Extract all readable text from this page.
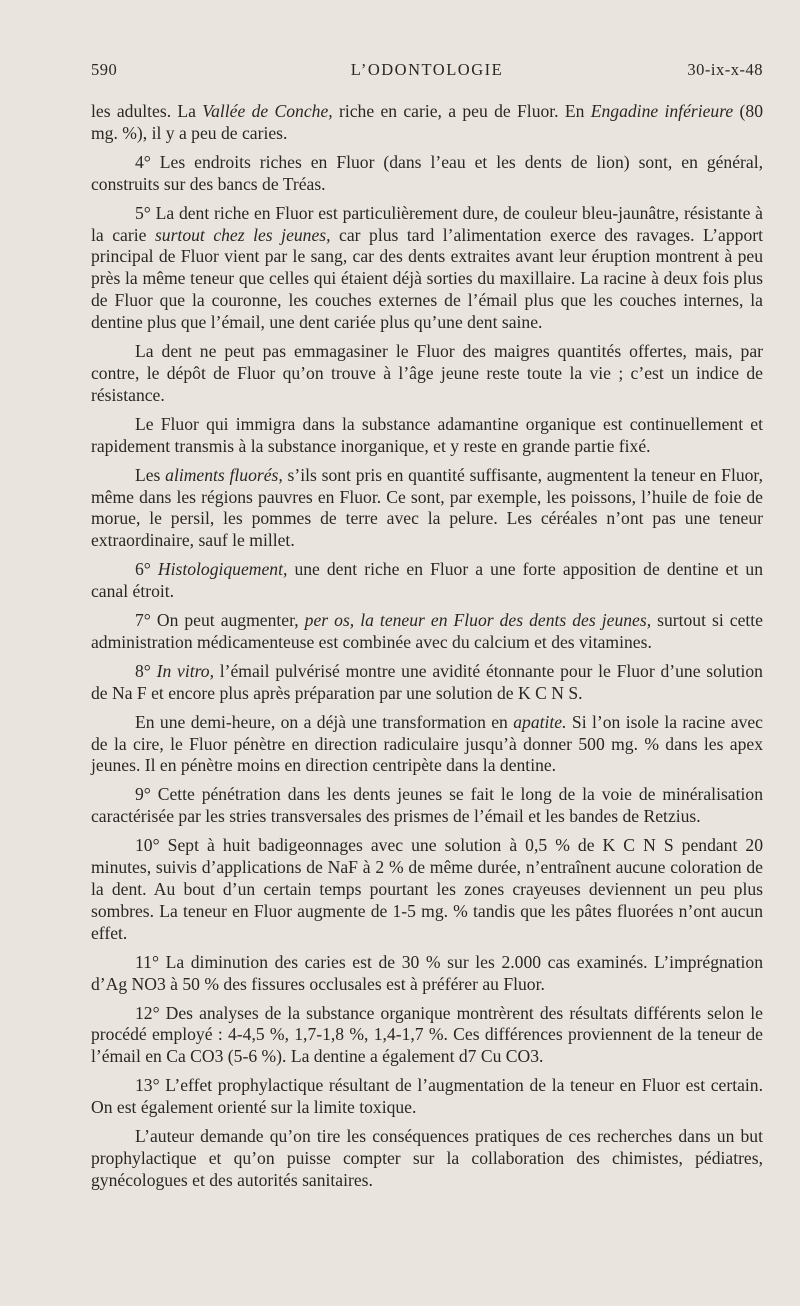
590	L’ODONTOLOGIE	30-ix-x-48

les adultes. La Vallée de Conche, riche en carie, a peu de Fluor. En Engadine inférieure (80 mg. %), il y a peu de caries.

4° Les endroits riches en Fluor (dans l’eau et les dents de lion) sont, en général, construits sur des bancs de Tréas.

5° La dent riche en Fluor est particulièrement dure, de couleur bleu-jaunâtre, résistante à la carie surtout chez les jeunes, car plus tard l’alimentation exerce des ravages. L’apport principal de Fluor vient par le sang, car des dents extraites avant leur éruption montrent à peu près la même teneur que celles qui étaient déjà sorties du maxillaire. La racine à deux fois plus de Fluor que la couronne, les couches externes de l’émail plus que les couches internes, la dentine plus que l’émail, une dent cariée plus qu’une dent saine.

La dent ne peut pas emmagasiner le Fluor des maigres quantités offertes, mais, par contre, le dépôt de Fluor qu’on trouve à l’âge jeune reste toute la vie ; c’est un indice de résistance.

Le Fluor qui immigra dans la substance adamantine organique est continuellement et rapidement transmis à la substance inorganique, et y reste en grande partie fixé.

Les aliments fluorés, s’ils sont pris en quantité suffisante, augmentent la teneur en Fluor, même dans les régions pauvres en Fluor. Ce sont, par exemple, les poissons, l’huile de foie de morue, le persil, les pommes de terre avec la pelure. Les céréales n’ont pas une teneur extraordinaire, sauf le millet.

6° Histologiquement, une dent riche en Fluor a une forte apposition de dentine et un canal étroit.

7° On peut augmenter, per os, la teneur en Fluor des dents des jeunes, surtout si cette administration médicamenteuse est combinée avec du calcium et des vitamines.

8° In vitro, l’émail pulvérisé montre une avidité étonnante pour le Fluor d’une solution de Na F et encore plus après préparation par une solution de K C N S.

En une demi-heure, on a déjà une transformation en apatite. Si l’on isole la racine avec de la cire, le Fluor pénètre en direction radiculaire jusqu’à donner 500 mg. % dans les apex jeunes. Il en pénètre moins en direction centripète dans la dentine.

9° Cette pénétration dans les dents jeunes se fait le long de la voie de minéralisation caractérisée par les stries transversales des prismes de l’émail et les bandes de Retzius.

10° Sept à huit badigeonnages avec une solution à 0,5 % de K C N S pendant 20 minutes, suivis d’applications de NaF à 2 % de même durée, n’entraînent aucune coloration de la dent. Au bout d’un certain temps pourtant les zones crayeuses deviennent un peu plus sombres. La teneur en Fluor augmente de 1-5 mg. % tandis que les pâtes fluorées n’ont aucun effet.

11° La diminution des caries est de 30 % sur les 2.000 cas examinés. L’imprégnation d’Ag NO3 à 50 % des fissures occlusales est à préférer au Fluor.

12° Des analyses de la substance organique montrèrent des résultats différents selon le procédé employé : 4-4,5 %, 1,7-1,8 %, 1,4-1,7 %. Ces différences proviennent de la teneur de l’émail en Ca CO3 (5-6 %). La dentine a également d7 Cu CO3.

13° L’effet prophylactique résultant de l’augmentation de la teneur en Fluor est certain. On est également orienté sur la limite toxique.

L’auteur demande qu’on tire les conséquences pratiques de ces recherches dans un but prophylactique et qu’on puisse compter sur la collaboration des chimistes, pédiatres, gynécologues et des autorités sanitaires.
